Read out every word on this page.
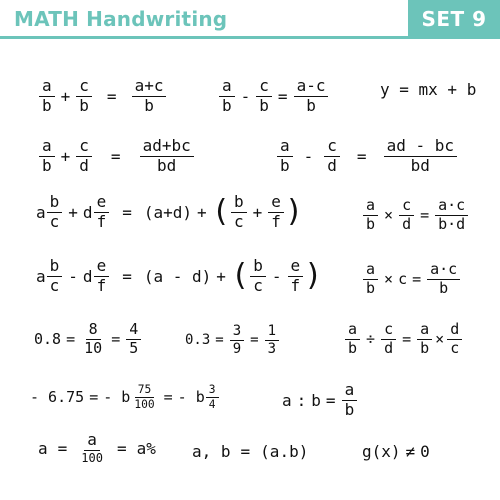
MATH Handwriting	SET 9
$\frac{a}{b} + \frac{c}{b} = \frac{a+c}{b}$	$\frac{a}{b} - \frac{c}{b} = \frac{a-c}{b}$	y = mx + b
$\frac{a}{b} + \frac{c}{d} = \frac{ad+bc}{bd}$	$\frac{a}{b} - \frac{c}{d} = \frac{ad - bc}{bd}$
a $\frac{b}{c} + d \frac{e}{f} = (a+d)$ + ( $\frac{b}{c} + \frac{e}{f}$ )	$\frac{a}{b} \times \frac{c}{d} = \frac{a\cdot c}{b\cdot d}$
a $\frac{b}{c} - d \frac{e}{f} = (a - d)$ + ( $\frac{b}{c} - \frac{e}{f}$ )	$\frac{a}{b} \times c = \frac{a\cdot c}{b}$
$0.8 = \frac{8}{10} = \frac{4}{5}$	$0.3 = \frac{3}{9} = \frac{1}{3}$	$\frac{a}{b} \div \frac{c}{d} = \frac{a}{b} \times \frac{d}{c}$
- 6.75 = - b $\frac{75}{100}$ = - b $\frac{3}{4}$	a : $b = \frac{a}{b}$
a = a
100
= a% a, b = (a.b)	g(x) ≠ 0
